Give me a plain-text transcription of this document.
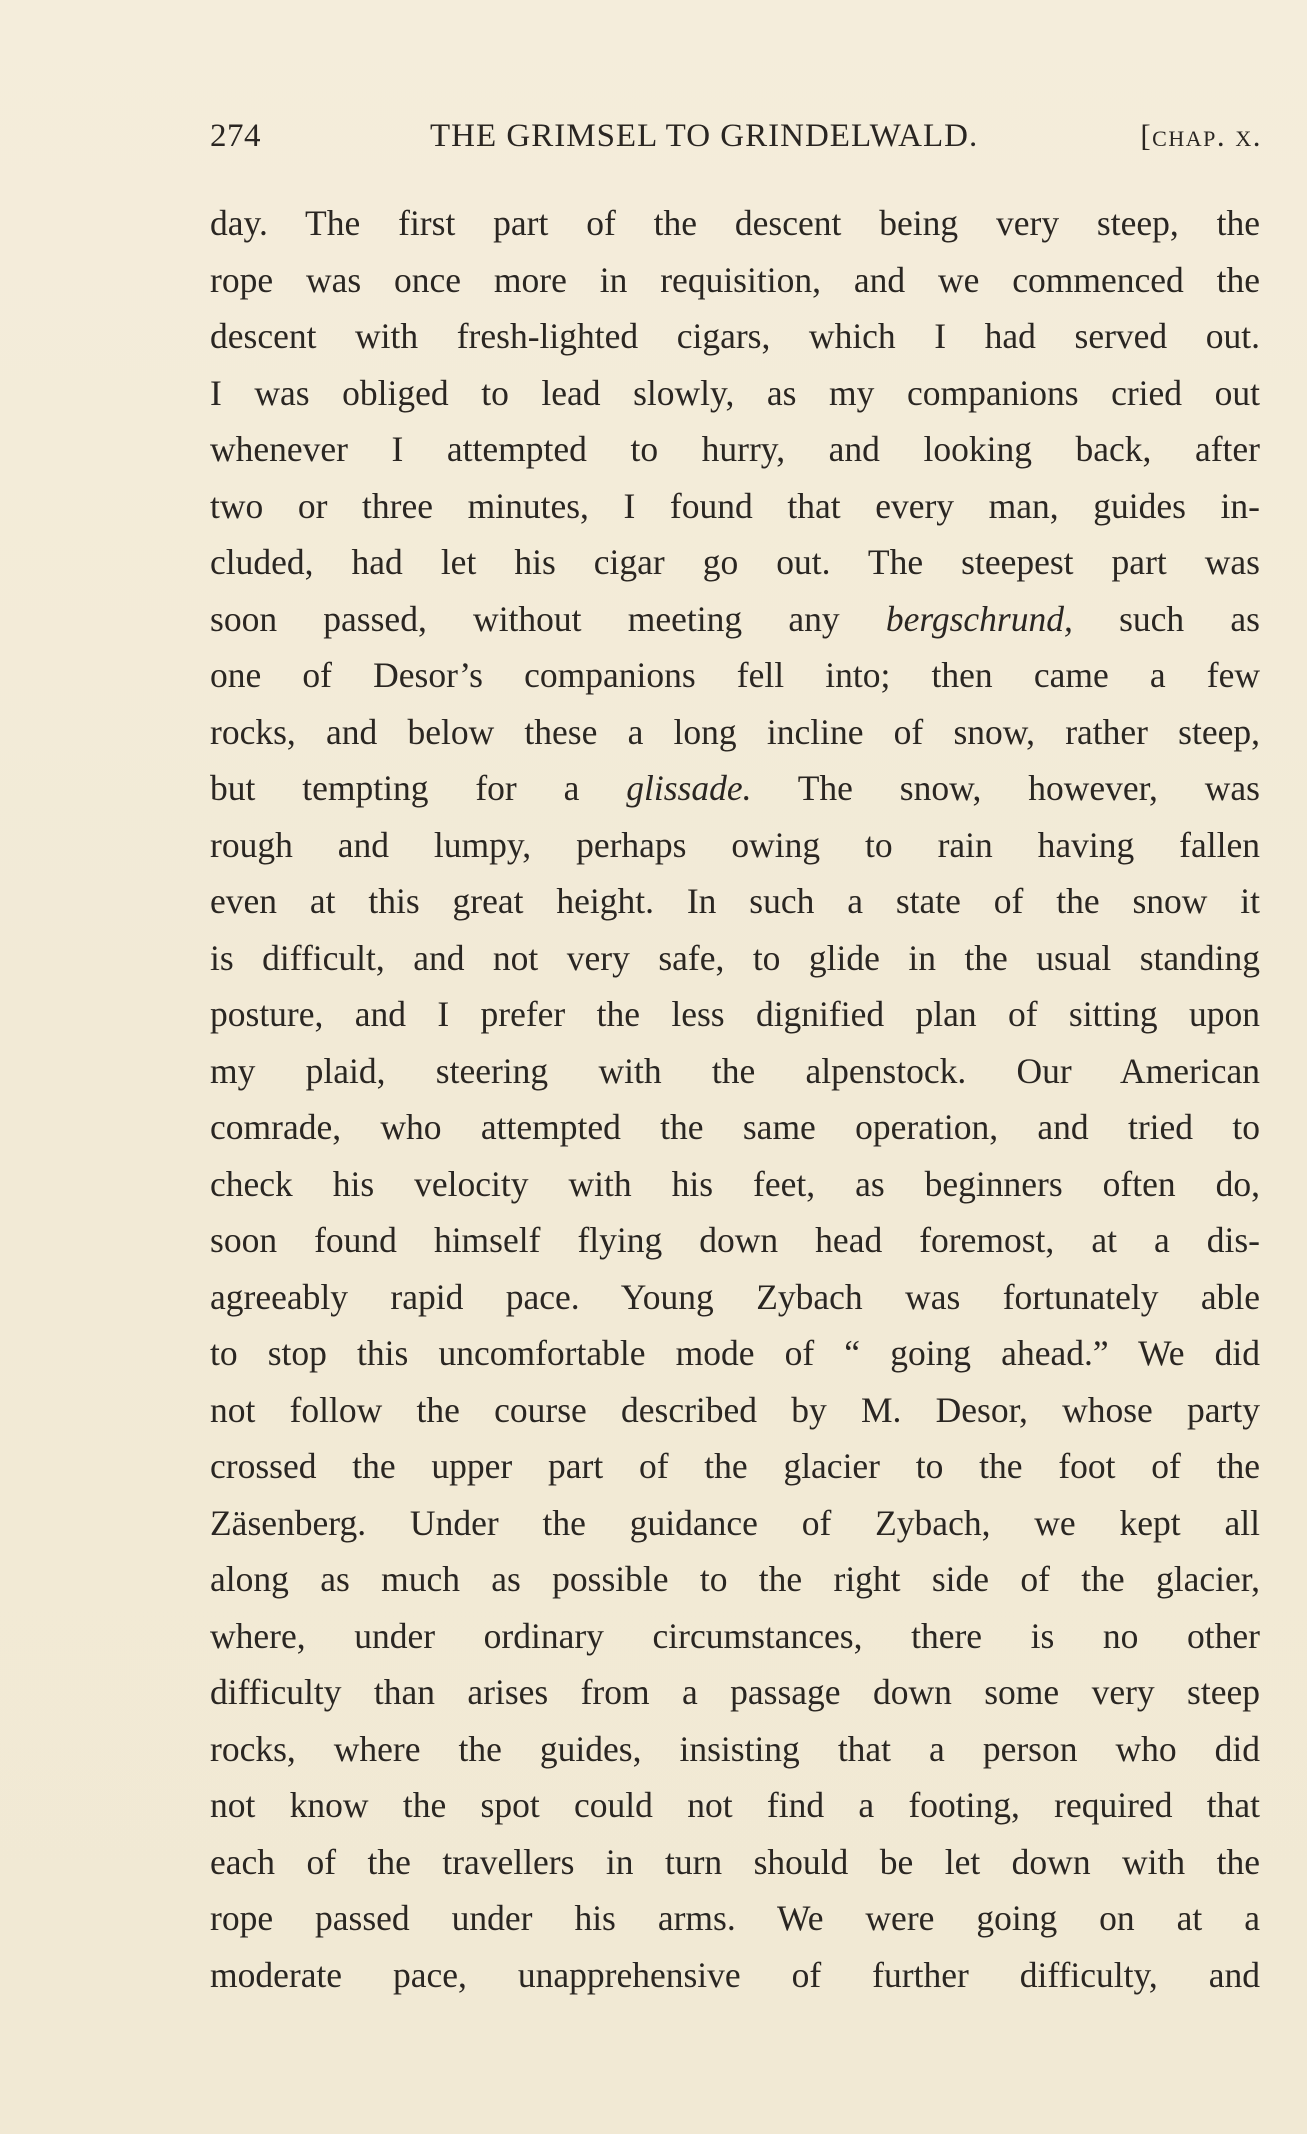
274	THE GRIMSEL TO GRINDELWALD.	[chap. x.
day. The first part of the descent being very steep, the
rope was once more in requisition, and we commenced the
descent with fresh-lighted cigars, which I had served out.
I was obliged to lead slowly, as my companions cried out
whenever I attempted to hurry, and looking back, after
two or three minutes, I found that every man, guides in-
cluded, had let his cigar go out. The steepest part was
soon passed, without meeting any bergschrund, such as
one of Desor’s companions fell into; then came a few
rocks, and below these a long incline of snow, rather steep,
but tempting for a glissade. The snow, however, was
rough and lumpy, perhaps owing to rain having fallen
even at this great height. In such a state of the snow it
is difficult, and not very safe, to glide in the usual standing
posture, and I prefer the less dignified plan of sitting upon
my plaid, steering with the alpenstock. Our American
comrade, who attempted the same operation, and tried to
check his velocity with his feet, as beginners often do,
soon found himself flying down head foremost, at a dis-
agreeably rapid pace. Young Zybach was fortunately able
to stop this uncomfortable mode of “ going ahead.” We did
not follow the course described by M. Desor, whose party
crossed the upper part of the glacier to the foot of the
Zäsenberg. Under the guidance of Zybach, we kept all
along as much as possible to the right side of the glacier,
where, under ordinary circumstances, there is no other
difficulty than arises from a passage down some very steep
rocks, where the guides, insisting that a person who did
not know the spot could not find a footing, required that
each of the travellers in turn should be let down with the
rope passed under his arms. We were going on at a
moderate pace, unapprehensive of further difficulty, and
